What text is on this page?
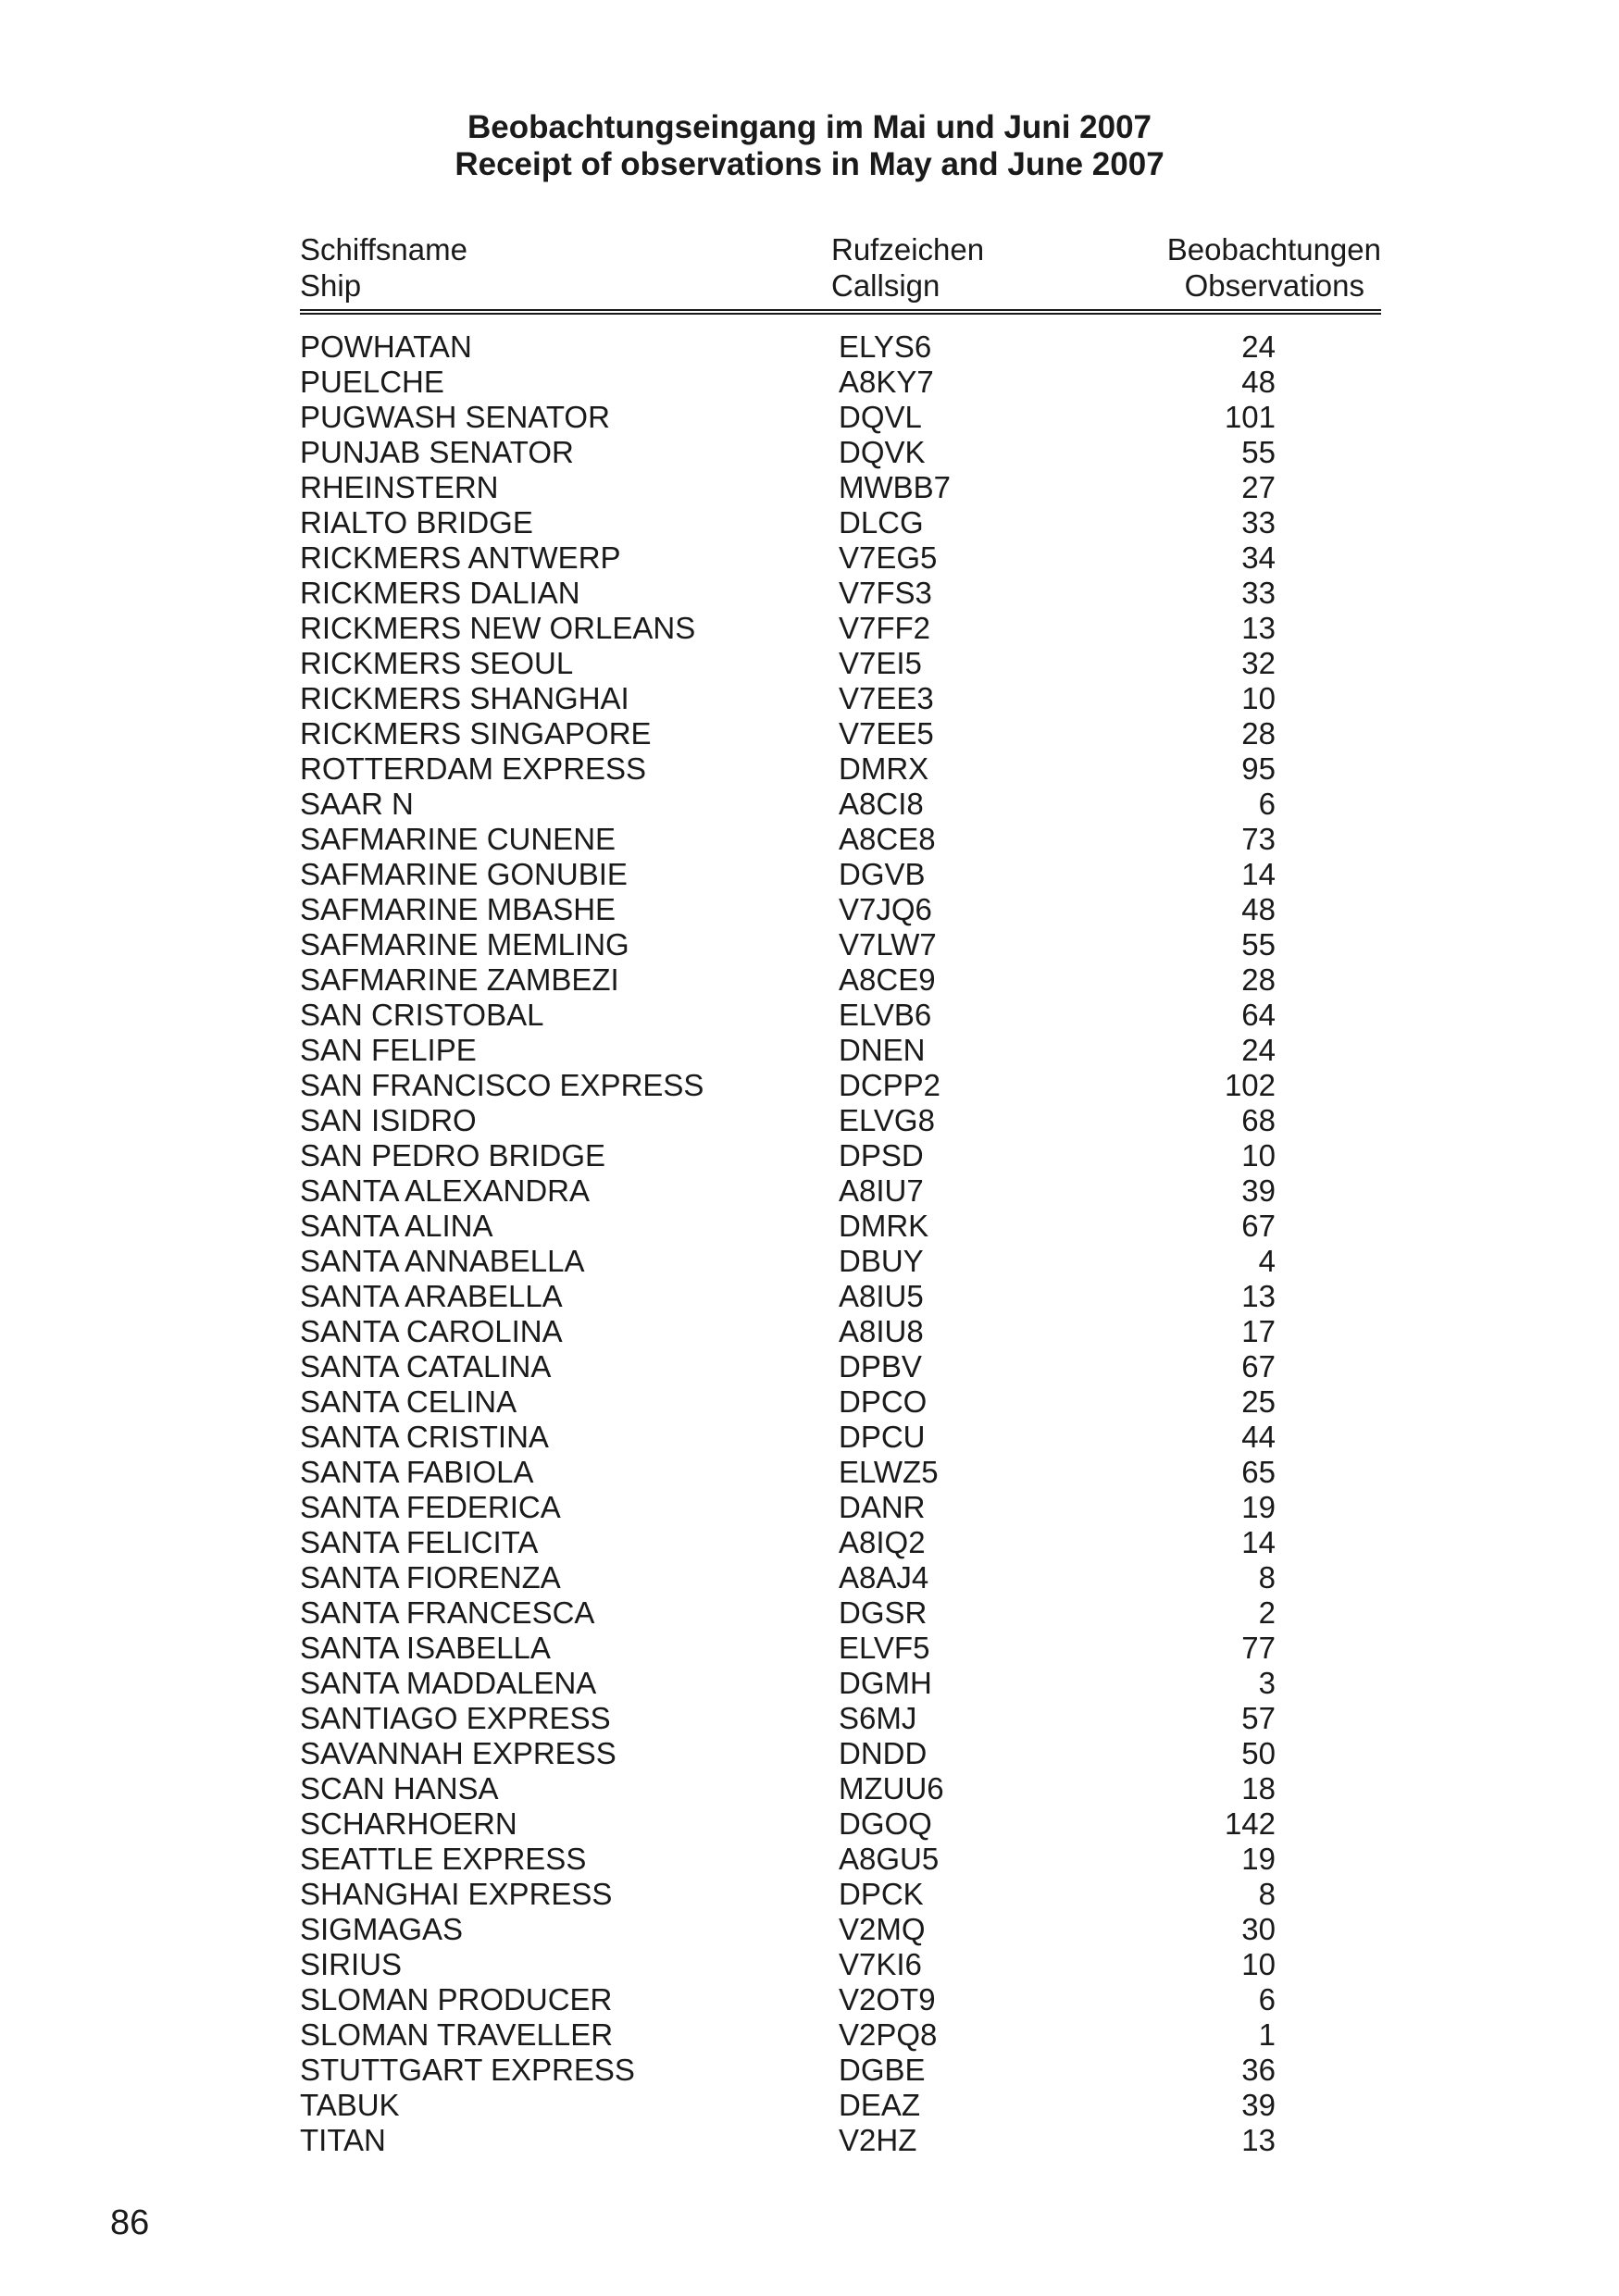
Beobachtungseingang im Mai und Juni 2007
Receipt of observations in May and June 2007
Schiffsname	Rufzeichen	Beobachtungen
Ship	Callsign	Observations
POWHATAN	ELYS6	24
PUELCHE	A8KY7	48
PUGWASH SENATOR	DQVL	101
PUNJAB SENATOR	DQVK	55
RHEINSTERN	MWBB7	27
RIALTO BRIDGE	DLCG	33
RICKMERS ANTWERP	V7EG5	34
RICKMERS DALIAN	V7FS3	33
RICKMERS NEW ORLEANS	V7FF2	13
RICKMERS SEOUL	V7EI5	32
RICKMERS SHANGHAI	V7EE3	10
RICKMERS SINGAPORE	V7EE5	28
ROTTERDAM EXPRESS	DMRX	95
SAAR N	A8CI8	6
SAFMARINE CUNENE	A8CE8	73
SAFMARINE GONUBIE	DGVB	14
SAFMARINE MBASHE	V7JQ6	48
SAFMARINE MEMLING	V7LW7	55
SAFMARINE ZAMBEZI	A8CE9	28
SAN CRISTOBAL	ELVB6	64
SAN FELIPE	DNEN	24
SAN FRANCISCO EXPRESS	DCPP2	102
SAN ISIDRO	ELVG8	68
SAN PEDRO BRIDGE	DPSD	10
SANTA ALEXANDRA	A8IU7	39
SANTA ALINA	DMRK	67
SANTA ANNABELLA	DBUY	4
SANTA ARABELLA	A8IU5	13
SANTA CAROLINA	A8IU8	17
SANTA CATALINA	DPBV	67
SANTA CELINA	DPCO	25
SANTA CRISTINA	DPCU	44
SANTA FABIOLA	ELWZ5	65
SANTA FEDERICA	DANR	19
SANTA FELICITA	A8IQ2	14
SANTA FIORENZA	A8AJ4	8
SANTA FRANCESCA	DGSR	2
SANTA ISABELLA	ELVF5	77
SANTA MADDALENA	DGMH	3
SANTIAGO EXPRESS	S6MJ	57
SAVANNAH EXPRESS	DNDD	50
SCAN HANSA	MZUU6	18
SCHARHOERN	DGOQ	142
SEATTLE EXPRESS	A8GU5	19
SHANGHAI EXPRESS	DPCK	8
SIGMAGAS	V2MQ	30
SIRIUS	V7KI6	10
SLOMAN PRODUCER	V2OT9	6
SLOMAN TRAVELLER	V2PQ8	1
STUTTGART EXPRESS	DGBE	36
TABUK	DEAZ	39
TITAN	V2HZ	13
86
